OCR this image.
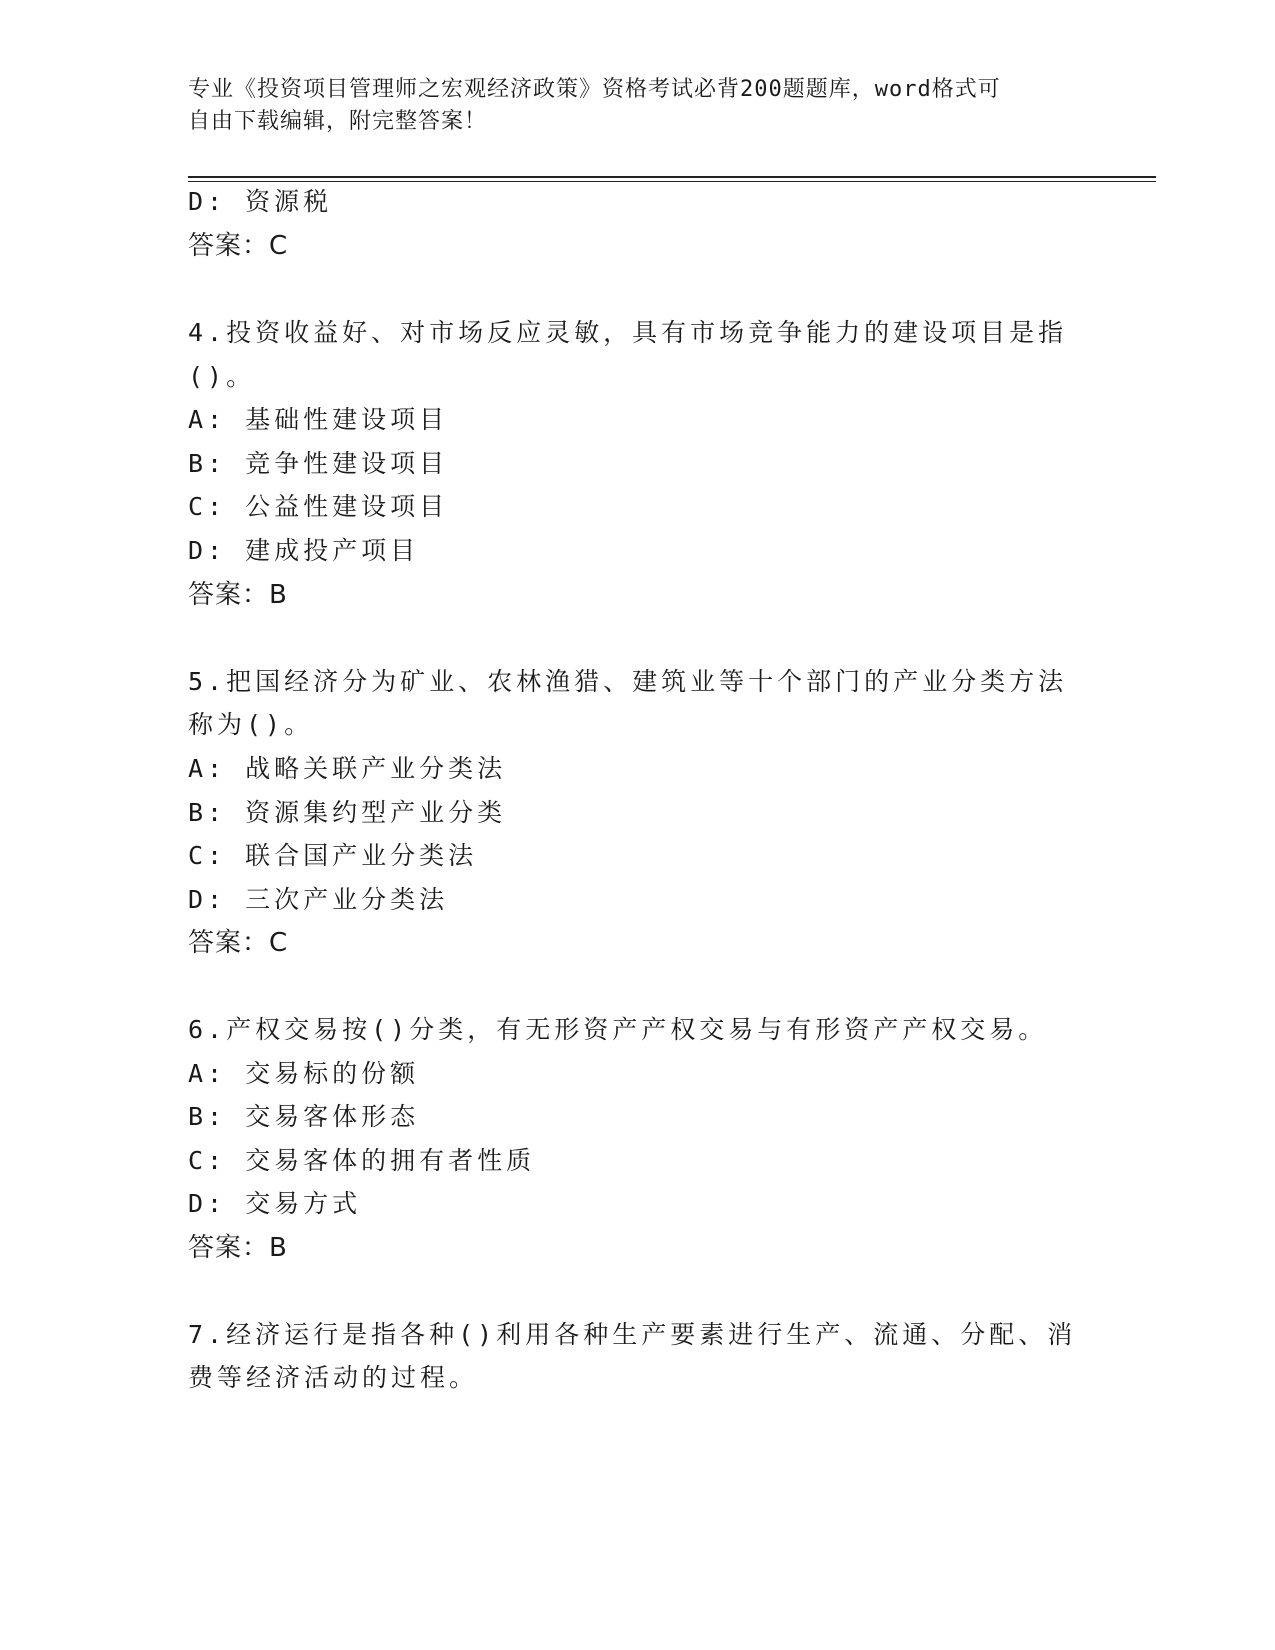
专业《投资项目管理师之宏观经济政策》资格考试必背200题题库，word格式可
自由下载编辑，附完整答案！
D: 资源税
答案：C
4.投资收益好、对市场反应灵敏，具有市场竞争能力的建设项目是指
()。
A: 基础性建设项目
B: 竞争性建设项目
C: 公益性建设项目
D: 建成投产项目
答案：B
5.把国经济分为矿业、农林渔猎、建筑业等十个部门的产业分类方法
称为()。
A: 战略关联产业分类法
B: 资源集约型产业分类
C: 联合国产业分类法
D: 三次产业分类法
答案：C
6.产权交易按()分类，有无形资产产权交易与有形资产产权交易。
A: 交易标的份额
B: 交易客体形态
C: 交易客体的拥有者性质
D: 交易方式
答案：B
7.经济运行是指各种()利用各种生产要素进行生产、流通、分配、消
费等经济活动的过程。
